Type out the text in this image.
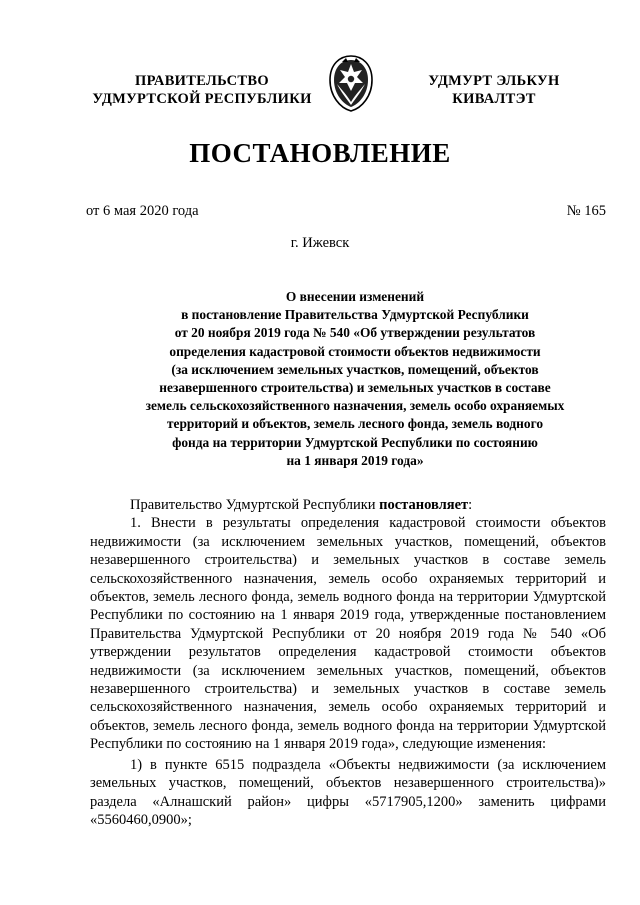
ПРАВИТЕЛЬСТВО
УДМУРТСКОЙ РЕСПУБЛИКИ
УДМУРТ ЭЛЬКУН
КИВАЛТЭТ
ПОСТАНОВЛЕНИЕ
от 6 мая 2020 года	№ 165
г. Ижевск
О внесении изменений
в постановление Правительства Удмуртской Республики
от 20 ноября 2019 года № 540 «Об утверждении результатов
определения кадастровой стоимости объектов недвижимости
(за исключением земельных участков, помещений, объектов
незавершенного строительства) и земельных участков в составе
земель сельскохозяйственного назначения, земель особо охраняемых
территорий и объектов, земель лесного фонда, земель водного
фонда на территории Удмуртской Республики по состоянию
на 1 января 2019 года»

Правительство Удмуртской Республики постановляет:

1. Внести в результаты определения кадастровой стоимости объектов недвижимости (за исключением земельных участков, помещений, объектов незавершенного строительства) и земельных участков в составе земель сельскохозяйственного назначения, земель особо охраняемых территорий и объектов, земель лесного фонда, земель водного фонда на территории Удмуртской Республики по состоянию на 1 января 2019 года, утвержденные постановлением Правительства Удмуртской Республики от 20 ноября 2019 года № 540 «Об утверждении результатов определения кадастровой стоимости объектов недвижимости (за исключением земельных участков, помещений, объектов незавершенного строительства) и земельных участков в составе земель сельскохозяйственного назначения, земель особо охраняемых территорий и объектов, земель лесного фонда, земель водного фонда на территории Удмуртской Республики по состоянию на 1 января 2019 года», следующие изменения:

1) в пункте 6515 подраздела «Объекты недвижимости (за исключением земельных участков, помещений, объектов незавершенного строительства)» раздела «Алнашский район» цифры «5717905,1200» заменить цифрами «5560460,0900»;
